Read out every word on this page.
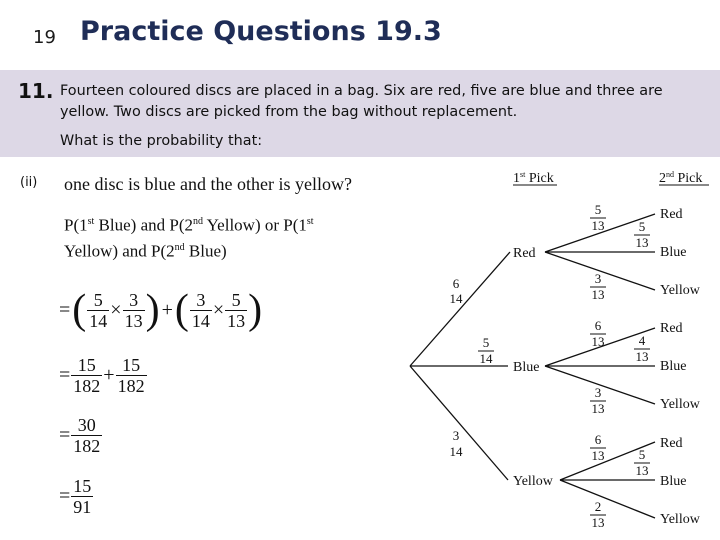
19 Practice Questions 19.3
11. Fourteen coloured discs are placed in a bag. Six are red, five are blue and three are yellow. Two discs are picked from the bag without replacement.
What is the probability that:
(ii) one disc is blue and the other is yellow?
P(1st Blue) and P(2nd Yellow) or P(1st
Yellow) and P(2nd Blue)
=( $\frac{5}{14} \times \frac{3}{13}$ ) +( $\frac{3}{14} \times \frac{5}{13}$ )
= $\frac{15}{182} + \frac{15}{182}$
= $\frac{30}{182}$
= $\frac{15}{91}$
1st Pick	2nd Pick
Red
Blue
Yellow
6
14
5
14
3
14
Red
Blue
Yellow
Red
Blue
Yellow
Red
Blue
Yellow
5
13	5
13
3
13
6
13	4
13
3
13
6
13	5
13
2
13
